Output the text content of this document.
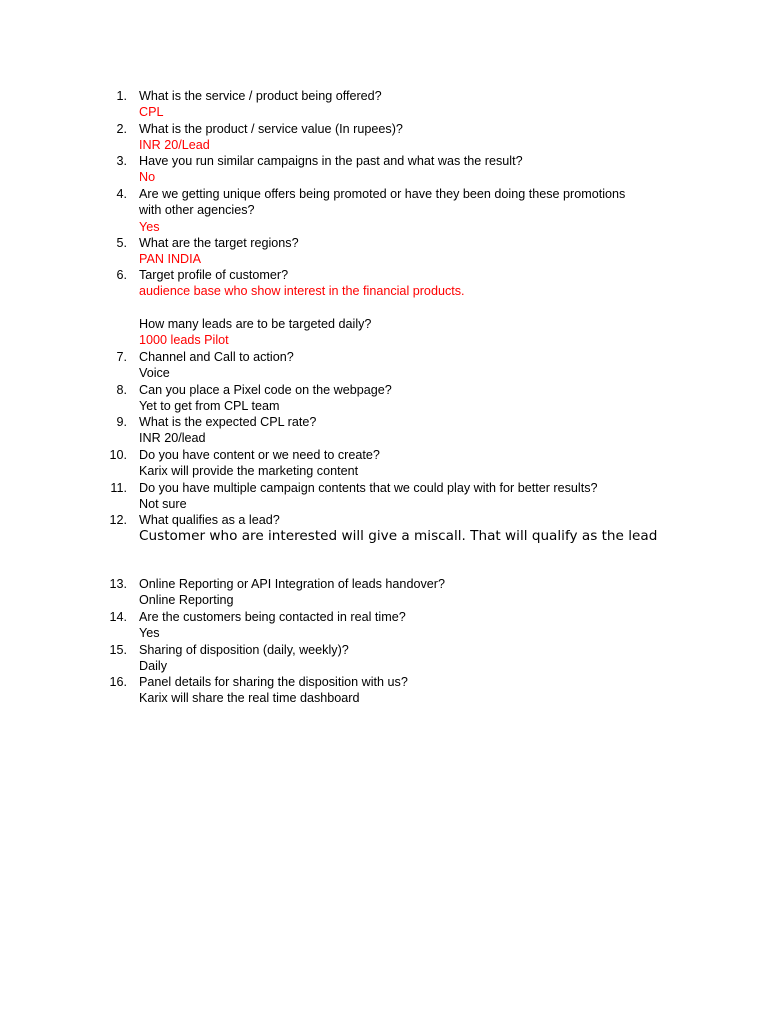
1. What is the service / product being offered?
CPL
2. What is the product / service value (In rupees)?
INR 20/Lead
3. Have you run similar campaigns in the past and what was the result?
No
4. Are we getting unique offers being promoted or have they been doing these promotions
with other agencies?
Yes
5. What are the target regions?
PAN INDIA
6. Target profile of customer?
audience base who show interest in the financial products.
How many leads are to be targeted daily?
1000 leads Pilot
7. Channel and Call to action?
Voice
8. Can you place a Pixel code on the webpage?
Yet to get from CPL team
9. What is the expected CPL rate?
INR 20/lead
10. Do you have content or we need to create?
Karix will provide the marketing content
11. Do you have multiple campaign contents that we could play with for better results?
Not sure
12. What qualifies as a lead?
Customer who are interested will give a miscall. That will qualify as the lead
13. Online Reporting or API Integration of leads handover?
Online Reporting
14. Are the customers being contacted in real time?
Yes
15. Sharing of disposition (daily, weekly)?
Daily
16. Panel details for sharing the disposition with us?
Karix will share the real time dashboard
